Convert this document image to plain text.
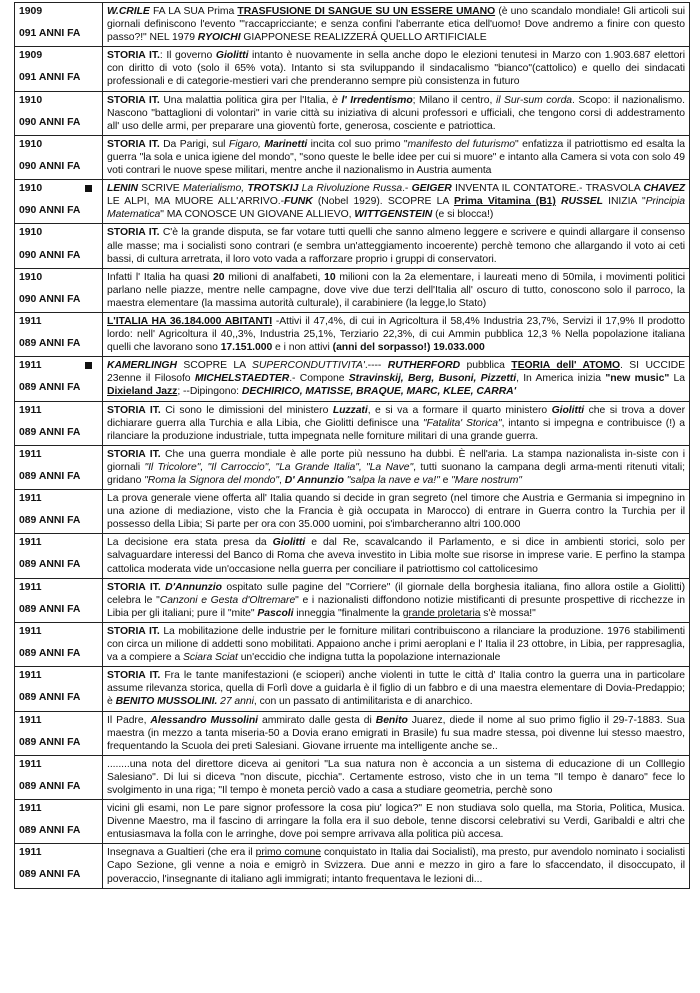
1909
091 ANNI FA	W.CRILE FA LA SUA Prima TRASFUSIONE DI SANGUE SU UN ESSERE UMANO (è uno scandalo mondiale! Gli articoli sui giornali definiscono l'evento "'raccapricciante; e senza confini l'aberrante etica dell'uomo! Dove andremo a finire con questo passo?!" NEL 1979 RYOICHI GIAPPONESE REALIZZERÁ QUELLO ARTIFICIALE

1909
091 ANNI FA	STORIA IT.: Il governo Giolitti intanto è nuovamente in sella anche dopo le elezioni tenutesi in Marzo con 1.903.687 elettori con diritto di voto (solo il 65% vota). Intanto si sta sviluppando il sindacalismo "bianco"(cattolico) e quello dei sindacati professionali e di categorie-mestieri vari che prenderanno sempre più consistenza in futuro

1910
090 ANNI FA	STORIA IT. Una malattia politica gira per l'Italia, è l' Irredentismo; Milano il centro, il Sur-sum corda. Scopo: il nazionalismo. Nascono "battaglioni di volontari" in varie città su iniziativa di alcuni professori e ufficiali, che tengono corsi di addestramento all' uso delle armi, per preparare una gioventù forte, generosa, cosciente e patriottica.

1910
090 ANNI FA	STORIA IT. Da Parigi, sul Figaro, Marinetti incita col suo primo "manifesto del futurismo" enfatizza il patriottismo ed esalta la guerra "la sola e unica igiene del mondo", "sono queste le belle idee per cui si muore" e intanto alla Camera si vota con solo 49 voti contrari le nuove spese militari, mentre anche il nazionalismo in Austria aumenta

1910
090 ANNI FA	LENIN SCRIVE Materialismo, TROTSKIJ La Rivoluzione Russa.- GEIGER INVENTA IL CONTATORE.- TRASVOLA CHAVEZ LE ALPI, MA MUORE ALL'ARRIVO.-FUNK (Nobel 1929). SCOPRE LA Prima Vitamina (B1) RUSSEL INIZIA "Principia Matematica" MA CONOSCE UN GIOVANE ALLIEVO, WITTGENSTEIN (e si blocca!)

1910
090 ANNI FA	STORIA IT. C'è la grande disputa, se far votare tutti quelli che sanno almeno leggere e scrivere e quindi allargare il consenso alle masse; ma i socialisti sono contrari (e sembra un'atteggiamento incoerente) perchè temono che allargando il voto ai ceti bassi, di cultura arretrata, il loro voto vada a rafforzare proprio i gruppi di conservatori.

1910
090 ANNI FA	Infatti l' Italia ha quasi 20 milioni di analfabeti, 10 milioni con la 2a elementare, i laureati meno di 50mila, i movimenti politici parlano nelle piazze, mentre nelle campagne, dove vive due terzi dell'Italia all' oscuro di tutto, conoscono solo il parroco, la maestra elementare (la massima autorità culturale), il carabiniere (la legge,lo Stato)

1911
089 ANNI FA	L'ITALIA HA 36.184.000 ABITANTI -Attivi il 47,4%, di cui in Agricoltura il 58,4% Industria 23,7%, Servizi il 17,9% Il prodotto lordo: nell' Agricoltura il 40,,3%, Industria 25,1%, Terziario 22,3%, di cui Ammin pubblica 12,3 % Nella popolazione italiana quelli che lavorano sono 17.151.000 e i non attivi (anni del sorpasso!) 19.033.000

1911
089 ANNI FA	KAMERLINGH SCOPRE LA SUPERCONDUTTIVITA'.---- RUTHERFORD pubblica TEORIA dell' ATOMO. SI UCCIDE 23enne il Filosofo MICHELSTAEDTER.- Compone Stravinskij, Berg, Busoni, Pizzetti, In America inizia "new music" La Dixieland Jazz; --Dipingono: DECHIRICO, MATISSE, BRAQUE, MARC, KLEE, CARRA'

1911
089 ANNI FA	STORIA IT. Ci sono le dimissioni del ministero Luzzati, e si va a formare il quarto ministero Giolitti che si trova a dover dichiarare guerra alla Turchia e alla Libia, che Giolitti definisce una "Fatalita' Storica", intanto si impegna e contribuisce (!) a rilanciare la produzione industriale, tutta impegnata nelle forniture militari di una grande guerra.

1911
089 ANNI FA	STORIA IT. Che una guerra mondiale è alle porte più nessuno ha dubbi. È nell'aria. La stampa nazionalista in-siste con i giornali "Il Tricolore", "Il Carroccio", "La Grande Italia", "La Nave", tutti suonano la campana degli arma-menti ritenuti vitali; gridano "Roma la Signora del mondo", D' Annunzio "salpa la nave e va!" e "Mare nostrum"

1911
089 ANNI FA	La prova generale viene offerta all' Italia quando si decide in gran segreto (nel timore che Austria e Germania si impegnino in una azione di mediazione, visto che la Francia è già occupata in Marocco) di entrare in Guerra contro la Turchia per il possesso della Libia; Si parte per ora con 35.000 uomini, poi s'imbarcheranno altri 100.000

1911
089 ANNI FA	La decisione era stata presa da Giolitti e dal Re, scavalcando il Parlamento, e si dice in ambienti storici, solo per salvaguardare interessi del Banco di Roma che aveva investito in Libia molte sue risorse in imprese varie. E perfino la stampa cattolica moderata vide un'occasione nella guerra per conciliare il patriottismo col cattolicesimo

1911
089 ANNI FA	STORIA IT. D'Annunzio ospitato sulle pagine del "Corriere" (il giornale della borghesia italiana, fino allora ostile a Giolitti) celebra le "Canzoni e Gesta d'Oltremare" e i nazionalisti diffondono notizie mistificanti di presunte prospettive di ricchezze in Libia per gli italiani; pure il "mite" Pascoli inneggia "finalmente la grande proletaria s'è mossa!"

1911
089 ANNI FA	STORIA IT. La mobilitazione delle industrie per le forniture militari contribuiscono a rilanciare la produzione. 1976 stabilimenti con circa un milione di addetti sono mobilitati. Appaiono anche i primi aeroplani e l' Italia il 23 ottobre, in Libia, per rappresaglia, va a compiere a Sciara Sciat un'eccidio che indigna tutta la popolazione internazionale

1911
089 ANNI FA	STORIA IT. Fra le tante manifestazioni (e scioperi) anche violenti in tutte le città d' Italia contro la guerra una in particolare assume rilevanza storica, quella di Forlì dove a guidarla è il figlio di un fabbro e di una maestra elementare di Dovia-Predappio; è BENITO MUSSOLINI. 27 anni, con un passato di antimilitarista e di anarchico.

1911
089 ANNI FA	Il Padre, Alessandro Mussolini ammirato dalle gesta di Benito Juarez, diede il nome al suo primo figlio il 29-7-1883. Sua maestra (in mezzo a tanta miseria-50 a Dovia erano emigrati in Brasile) fu sua madre stessa, poi divenne lui stesso maestro, frequentando la Scuola dei preti Salesiani. Giovane irruente ma intelligente anche se..

1911
089 ANNI FA	........una nota del direttore diceva ai genitori "La sua natura non è acconcia a un sistema di educazione di un Colllegio Salesiano". Di lui si diceva "non discute, picchia". Certamente estroso, visto che in un tema "Il tempo è danaro" fece lo svolgimento in una riga; "Il tempo è moneta perciò vado a casa a studiare geometria, perchè sono

1911
089 ANNI FA	vicini gli esami, non Le pare signor professore la cosa piu' logica?" E non studiava solo quella, ma Storia, Politica, Musica. Divenne Maestro, ma il fascino di arringare la folla era il suo debole, tenne discorsi celebrativi su Verdi, Garibaldi e altri che entusiasmava la folla con le arringhe, dove poi sempre arrivava alla politica più accesa.

1911
089 ANNI FA	Insegnava a Gualtieri (che era il primo comune conquistato in Italia dai Socialisti), ma presto, pur avendolo nominato i socialisti Capo Sezione, gli venne a noia e emigrò in Svizzera. Due anni e mezzo in giro a fare lo sfaccendato, il disoccupato, il poveraccio, l'insegnante di italiano agli immigrati; intanto frequentava le lezioni di...
